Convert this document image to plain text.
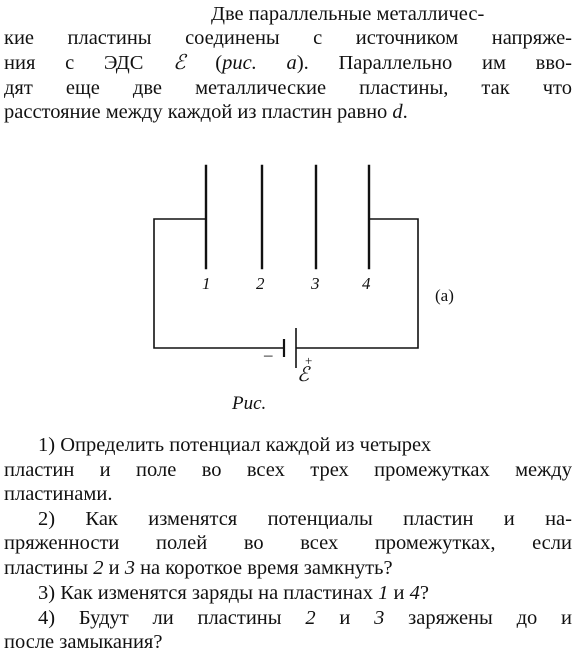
Две параллельные металличес-
кие пластины соединены с источником напряже-
ния с ЭДС ℰ (рис. а). Параллельно им вво-
дят еще две металлические пластины, так что
расстояние между каждой из пластин равно d.
1	2	3	4
(a)
–	+
ℰ
Рис.
1) Определить потенциал каждой из четырех
пластин и поле во всех трех промежутках между
пластинами.
2) Как изменятся потенциалы пластин и на-
пряженности полей во всех промежутках, если
пластины 2 и 3 на короткое время замкнуть?
3) Как изменятся заряды на пластинах 1 и 4?
4) Будут ли пластины 2 и 3 заряжены до и
после замыкания?
